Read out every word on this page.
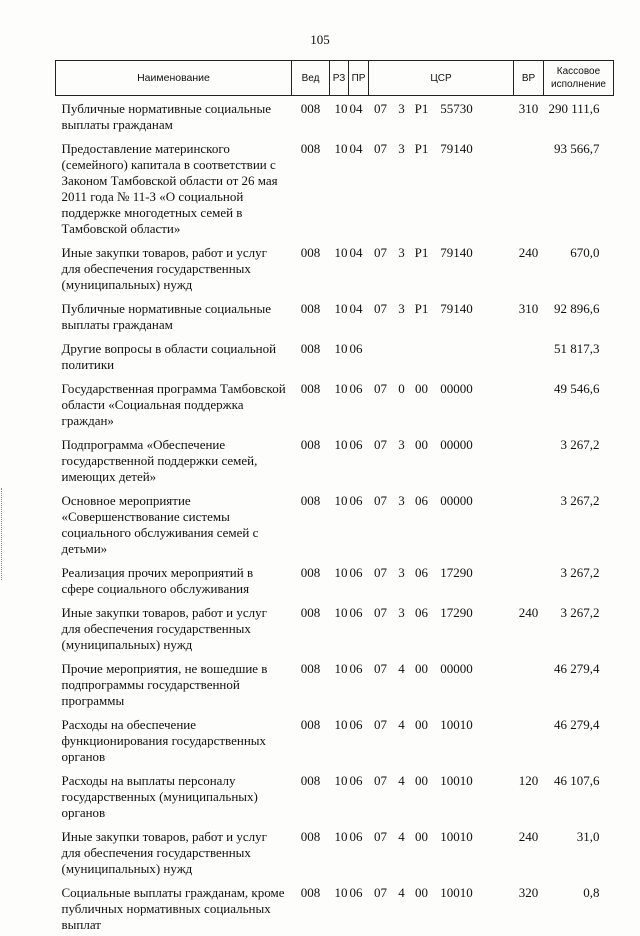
105
Наименование	Вед	РЗ	ПР	ЦСР	ВР	Кассовое исполнение
Публичные нормативные социальные выплаты гражданам	008	10	04	07 3 P1 55730	310	290 111,6
Предоставление материнского (семейного) капитала в соответствии с Законом Тамбовской области от 26 мая 2011 года № 11-З «О социальной поддержке многодетных семей в Тамбовской области»	008	10	04	07 3 P1 79140		93 566,7
Иные закупки товаров, работ и услуг для обеспечения государственных (муниципальных) нужд	008	10	04	07 3 P1 79140	240	670,0
Публичные нормативные социальные выплаты гражданам	008	10	04	07 3 P1 79140	310	92 896,6
Другие вопросы в области социальной политики	008	10	06			51 817,3
Государственная программа Тамбовской области «Социальная поддержка граждан»	008	10	06	07 0 00 00000		49 546,6
Подпрограмма «Обеспечение государственной поддержки семей, имеющих детей»	008	10	06	07 3 00 00000		3 267,2
Основное мероприятие «Совершенствование системы социального обслуживания семей с детьми»	008	10	06	07 3 06 00000		3 267,2
Реализация прочих мероприятий в сфере социального обслуживания	008	10	06	07 3 06 17290		3 267,2
Иные закупки товаров, работ и услуг для обеспечения государственных (муниципальных) нужд	008	10	06	07 3 06 17290	240	3 267,2
Прочие мероприятия, не вошедшие в подпрограммы государственной программы	008	10	06	07 4 00 00000		46 279,4
Расходы на обеспечение функционирования государственных органов	008	10	06	07 4 00 10010		46 279,4
Расходы на выплаты персоналу государственных (муниципальных) органов	008	10	06	07 4 00 10010	120	46 107,6
Иные закупки товаров, работ и услуг для обеспечения государственных (муниципальных) нужд	008	10	06	07 4 00 10010	240	31,0
Социальные выплаты гражданам, кроме публичных нормативных социальных выплат	008	10	06	07 4 00 10010	320	0,8
